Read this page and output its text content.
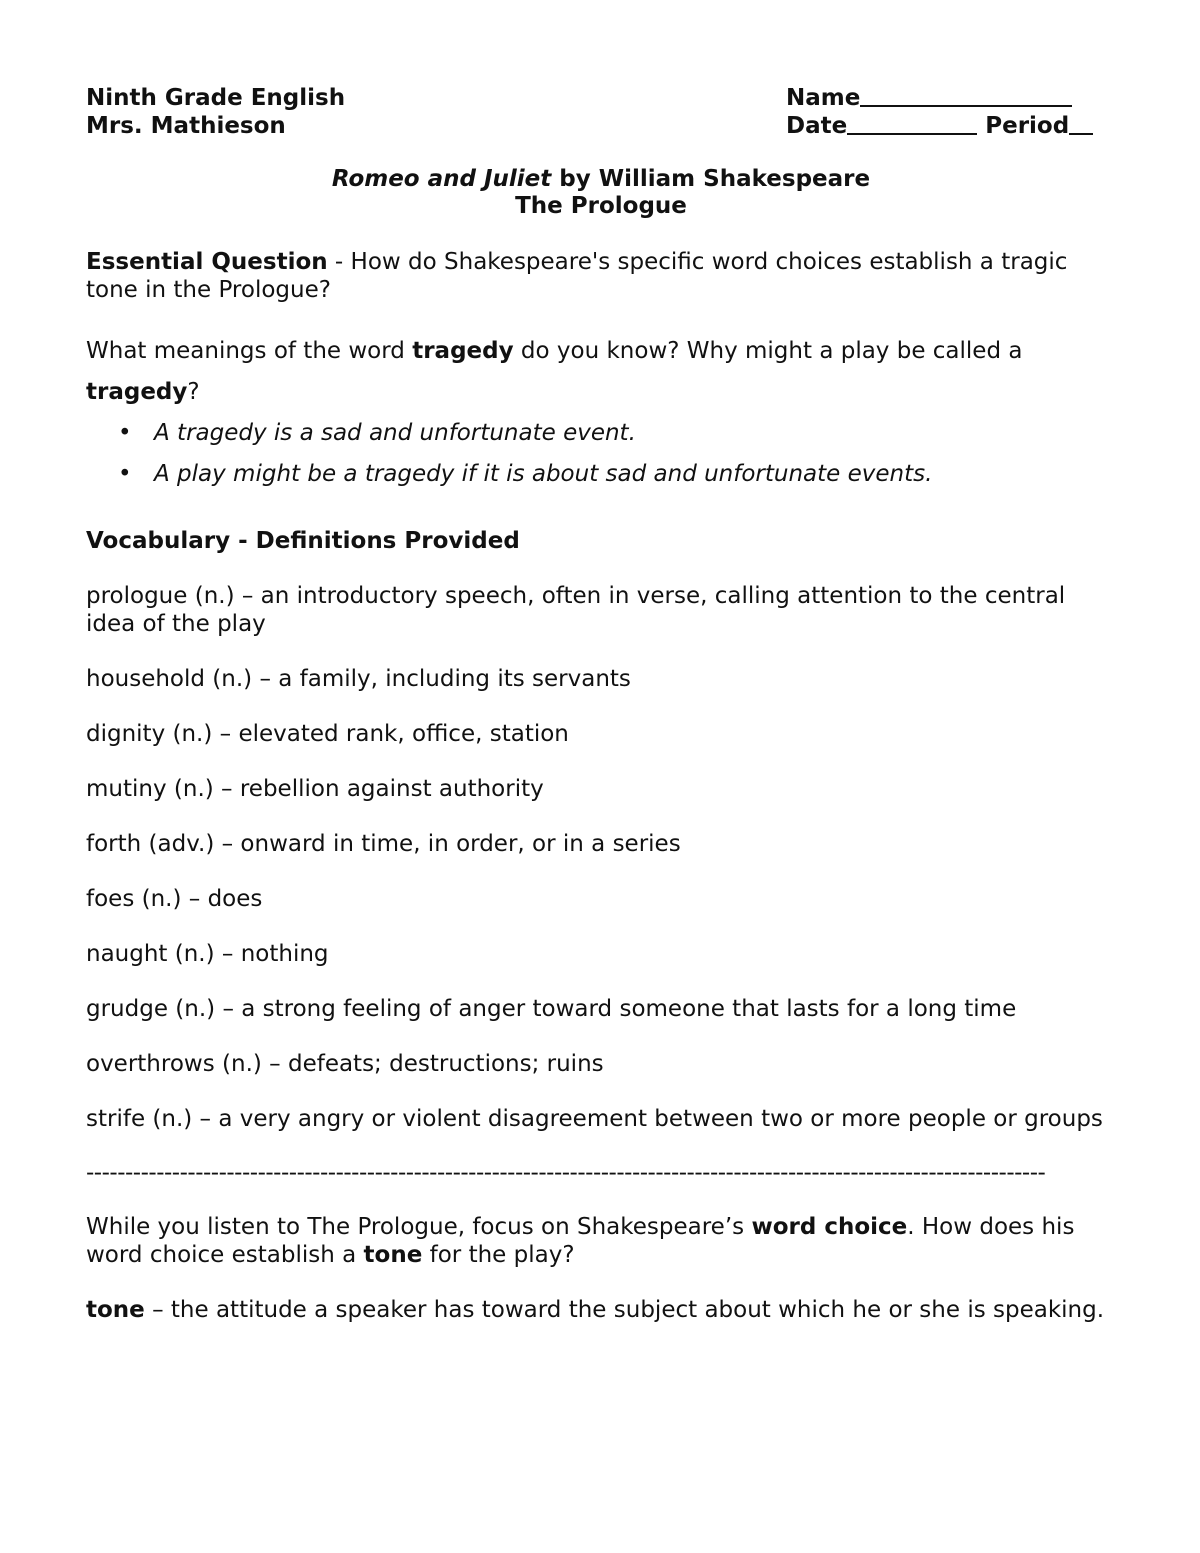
Ninth Grade English
Mrs. Mathieson
Name
Date	Period
Romeo and Juliet by William Shakespeare
The Prologue

Essential Question - How do Shakespeare's specific word choices establish a tragic tone in the Prologue?

What meanings of the word tragedy do you know? Why might a play be called a
tragedy?

• A tragedy is a sad and unfortunate event.
• A play might be a tragedy if it is about sad and unfortunate events.

Vocabulary - Definitions Provided

prologue (n.) – an introductory speech, often in verse, calling attention to the central idea of the play

household (n.) – a family, including its servants

dignity (n.) – elevated rank, office, station

mutiny (n.) – rebellion against authority

forth (adv.) – onward in time, in order, or in a series

foes (n.) – does

naught (n.) – nothing

grudge (n.) – a strong feeling of anger toward someone that lasts for a long time

overthrows (n.) – defeats; destructions; ruins

strife (n.) – a very angry or violent disagreement between two or more people or groups

---------------------------------------------------------------------------------------------------------------------------

While you listen to The Prologue, focus on Shakespeare’s word choice. How does his word choice establish a tone for the play?

tone – the attitude a speaker has toward the subject about which he or she is speaking.
